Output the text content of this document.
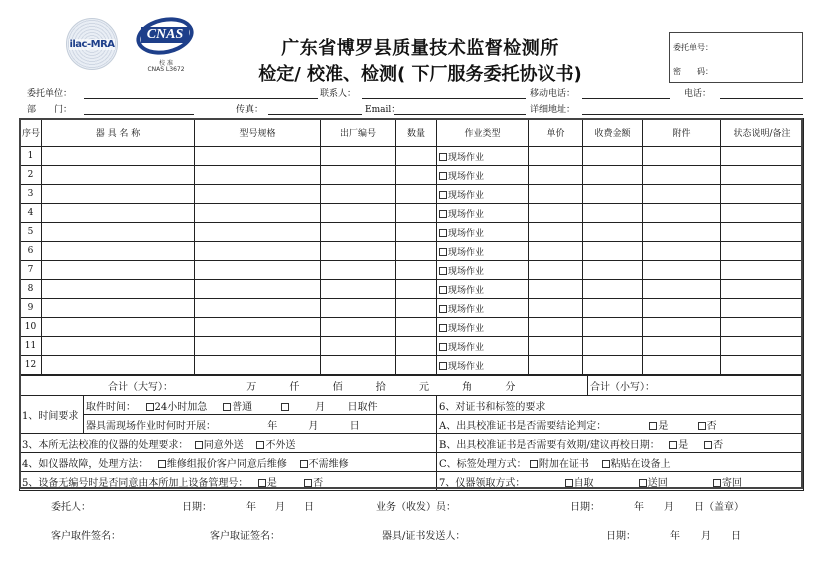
ilac-MRA
CNAS
校 准
CNAS L3672
广东省博罗县质量技术监督检测所
检定/ 校准、检测( 下厂服务委托协议书)
委托单号：
密　　码：
委托单位：	联系人：	移动电话：	电话：
部　　门：	传真：	Email：	详细地址：
序号	器 具 名 称	型号规格	出厂编号	数量	作业类型	单价	收费金额	附件	状态说明/备注
1					现场作业				
2					现场作业				
3					现场作业				
4					现场作业				
5					现场作业				
6					现场作业				
7					现场作业				
8					现场作业				
9					现场作业				
10					现场作业				
11					现场作业				
12					现场作业				
合计（大写）：	万	仟	佰	拾	元	角	分	合计（小写）：
1、时间要求	取件时间： 24小时加急 普通 月 日取件	6、对证书和标签的要求
	器具需现场作业时何时开展： 年 月 日	A、出具校准证书是否需要结论判定： 是 否
3、本所无法校准的仪器的处理要求： 同意外送 不外送		B、出具校准证书是否需要有效期/建议再校日期： 是 否
4、如仪器故障，处理方法： 维修组报价客户同意后维修 不需维修		C、标签处理方式： 附加在证书 粘贴在设备上
5、设备无编号时是否同意由本所加上设备管理号： 是 否		7、仪器领取方式： 自取 送回 寄回
委托人：	日期：	年 月 日	业务（收发）员：	日期：	年 月 日（盖章）
客户取件签名：	客户取证签名：	器具/证书发送人：	日期：	年 月 日
